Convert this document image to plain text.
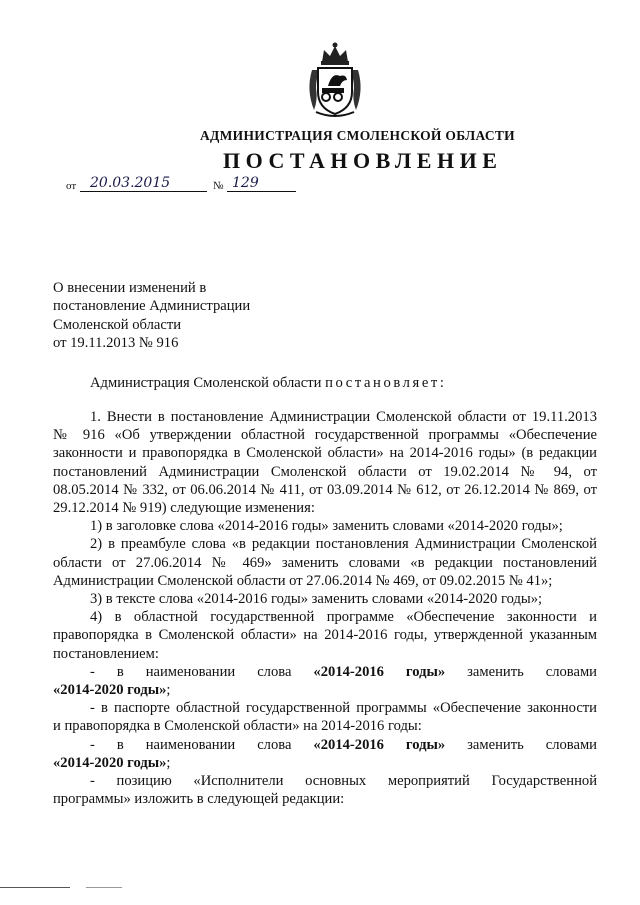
АДМИНИСТРАЦИЯ СМОЛЕНСКОЙ ОБЛАСТИ
ПОСТАНОВЛЕНИЕ
от 20.03.2015	№ 129
О внесении изменений в
постановление Администрации
Смоленской области
от 19.11.2013 № 916

Администрация Смоленской области постановляет:

1. Внести в постановление Администрации Смоленской области от 19.11.2013
№ 916 «Об утверждении областной государственной программы «Обеспечение
законности и правопорядка в Смоленской области» на 2014-2016 годы» (в редакции
постановлений Администрации Смоленской области от 19.02.2014 № 94, от
08.05.2014 № 332, от 06.06.2014 № 411, от 03.09.2014 № 612, от 26.12.2014 № 869, от
29.12.2014 № 919) следующие изменения:
1) в заголовке слова «2014-2016 годы» заменить словами «2014-2020 годы»;
2) в преамбуле слова «в редакции постановления Администрации Смоленской
области от 27.06.2014 № 469» заменить словами «в редакции постановлений
Администрации Смоленской области от 27.06.2014 № 469, от 09.02.2015 № 41»;
3) в тексте слова «2014-2016 годы» заменить словами «2014-2020 годы»;
4) в областной государственной программе «Обеспечение законности и
правопорядка в Смоленской области» на 2014-2016 годы, утвержденной указанным
постановлением:
- в наименовании слова «2014-2016 годы» заменить словами
«2014-2020 годы»;
- в паспорте областной государственной программы «Обеспечение законности
и правопорядка в Смоленской области» на 2014-2016 годы:
- в наименовании слова «2014-2016 годы» заменить словами
«2014-2020 годы»;
- позицию «Исполнители основных мероприятий Государственной
программы» изложить в следующей редакции:
